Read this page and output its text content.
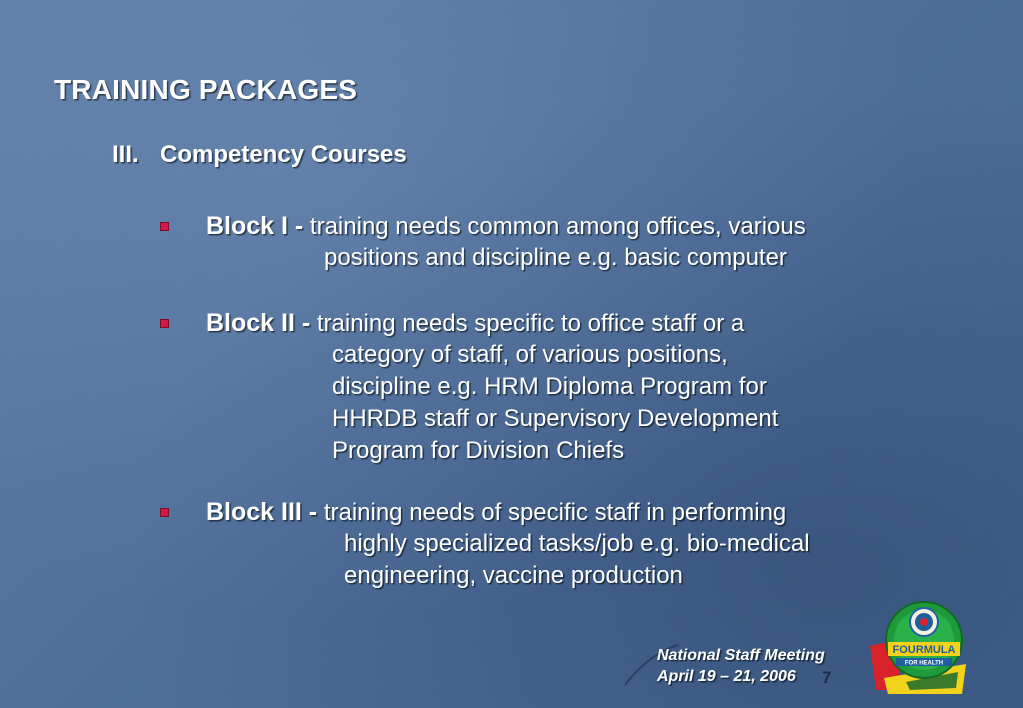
TRAINING PACKAGES
III. Competency Courses
Block I - training needs common among offices, various
positions and discipline e.g. basic computer
Block II - training needs specific to office staff or a
category of staff, of various positions,
discipline e.g. HRM Diploma Program for
HHRDB staff or Supervisory Development
Program for Division Chiefs
Block III - training needs of specific staff in performing
highly specialized tasks/job e.g. bio-medical
engineering, vaccine production
National Staff Meeting
April 19 – 21, 2006	7
FOURMULA
FOR HEALTH
